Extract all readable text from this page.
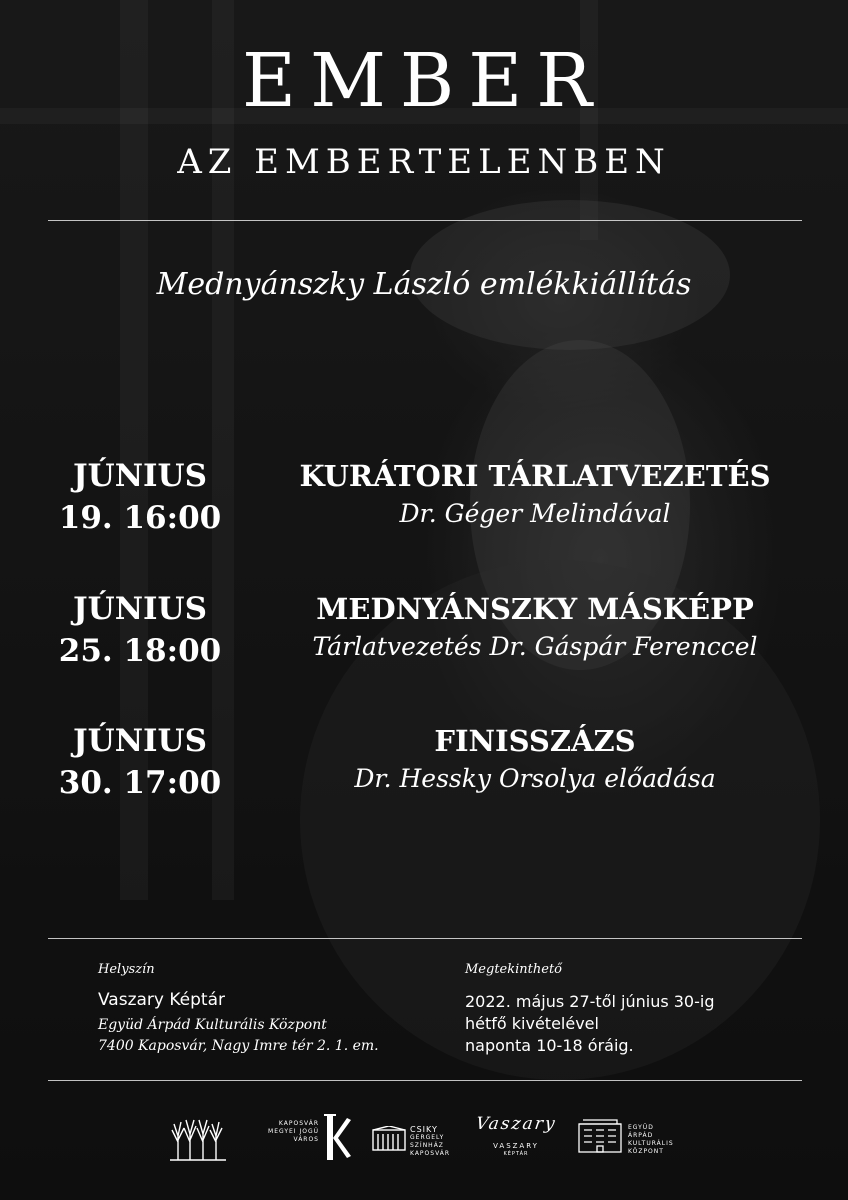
EMBER
AZ EMBERTELENBEN
Mednyánszky László emlékkiállítás
JÚNIUS
19. 16:00
KURÁTORI TÁRLATVEZETÉS
Dr. Géger Melindával
JÚNIUS
25. 18:00
MEDNYÁNSZKY MÁSKÉPP
Tárlatvezetés Dr. Gáspár Ferenccel
JÚNIUS
30. 17:00
FINISSZÁZS
Dr. Hessky Orsolya előadása
Helyszín
Vaszary Képtár
Együd Árpád Kulturális Központ
7400 Kaposvár, Nagy Imre tér 2. 1. em.
Megtekinthető
2022. május 27-től június 30-ig
hétfő kivételével
naponta 10-18 óráig.
KAPOSVÁR
MEGYEI JOGÚ
VÁROS
CSIKY
GERGELY
SZÍNHÁZ
KAPOSVÁR
Vaszary
VASZARY
KÉPTÁR
EGYÜD ÁRPÁD
KULTURÁLIS
KÖZPONT
